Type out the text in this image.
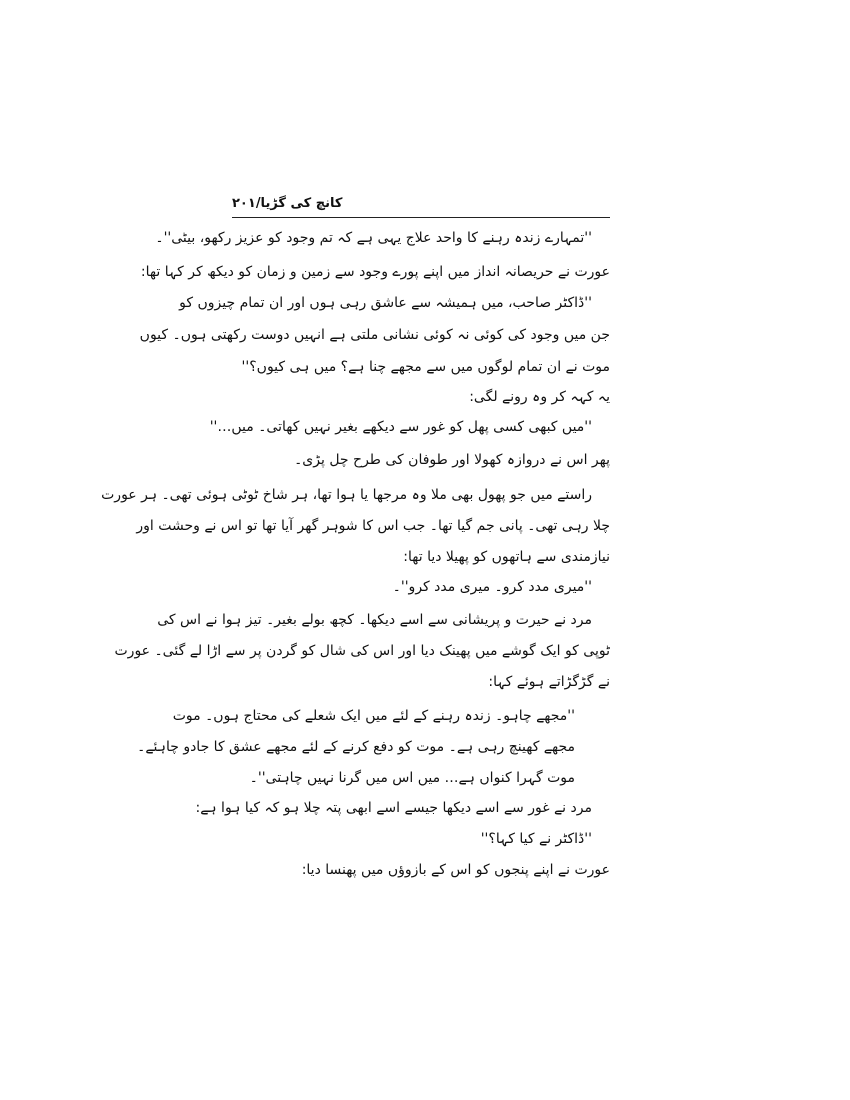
کانچ کی گڑیا/۲۰۱
''تمہارے زندہ رہنے کا واحد علاج یہی ہے کہ تم وجود کو عزیز رکھو، بیٹی''۔
عورت نے حریصانہ انداز میں اپنے پورے وجود سے زمین و زمان کو دیکھ کر کہا تھا:
''ڈاکٹر صاحب، میں ہمیشہ سے عاشق رہی ہوں اور ان تمام چیزوں کو
جن میں وجود کی کوئی نہ کوئی نشانی ملتی ہے انہیں دوست رکھتی ہوں۔ کیوں
موت نے ان تمام لوگوں میں سے مجھے چنا ہے؟ میں ہی کیوں؟''
یہ کہہ کر وہ رونے لگی:
''میں کبھی کسی پھل کو غور سے دیکھے بغیر نہیں کھاتی۔ میں…''
پھر اس نے دروازہ کھولا اور طوفان کی طرح چل پڑی۔
راستے میں جو پھول بھی ملا وہ مرجھا یا ہوا تھا، ہر شاخ ٹوٹی ہوئی تھی۔ ہر عورت
چلا رہی تھی۔ پانی جم گیا تھا۔ جب اس کا شوہر گھر آیا تھا تو اس نے وحشت اور
نیازمندی سے ہاتھوں کو پھیلا دیا تھا:
''میری مدد کرو۔ میری مدد کرو''۔
مرد نے حیرت و پریشانی سے اسے دیکھا۔ کچھ بولے بغیر۔ تیز ہوا نے اس کی
ٹوپی کو ایک گوشے میں پھینک دیا اور اس کی شال کو گردن پر سے اڑا لے گئی۔ عورت
نے گڑگڑاتے ہوئے کہا:
''مجھے چاہو۔ زندہ رہنے کے لئے میں ایک شعلے کی محتاج ہوں۔ موت
مجھے کھینچ رہی ہے۔ موت کو دفع کرنے کے لئے مجھے عشق کا جادو چاہئے۔
موت گہرا کنواں ہے… میں اس میں گرنا نہیں چاہتی''۔
مرد نے غور سے اسے دیکھا جیسے اسے ابھی پتہ چلا ہو کہ کیا ہوا ہے:
''ڈاکٹر نے کیا کہا؟''
عورت نے اپنے پنجوں کو اس کے بازوؤں میں پھنسا دیا:
